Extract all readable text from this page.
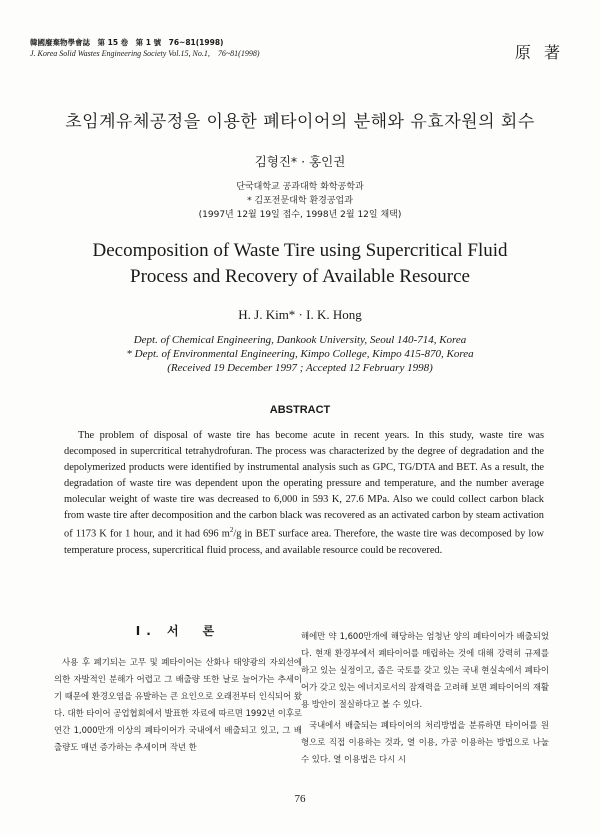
韓國廢棄物學會誌　第 15 卷　第 1 號　76~81(1998)
J. Korea Solid Wastes Engineering Society Vol.15, No.1,　76~81(1998)	原 著
초임계유체공정을 이용한 폐타이어의 분해와 유효자원의 회수
김형진* · 홍인권
단국대학교 공과대학 화학공학과
* 김포전문대학 환경공업과
(1997년 12월 19일 접수, 1998년 2월 12일 채택)
Decomposition of Waste Tire using Supercritical Fluid
Process and Recovery of Available Resource
H. J. Kim* · I. K. Hong
Dept. of Chemical Engineering, Dankook University, Seoul 140-714, Korea
* Dept. of Environmental Engineering, Kimpo College, Kimpo 415-870, Korea
(Received 19 December 1997 ; Accepted 12 February 1998)
ABSTRACT
The problem of disposal of waste tire has become acute in recent years. In this study, waste tire was decomposed in supercritical tetrahydrofuran. The process was characterized by the degree of degradation and the depolymerized products were identified by instrumental analysis such as GPC, TG/DTA and BET. As a result, the degradation of waste tire was dependent upon the operating pressure and temperature, and the number average molecular weight of waste tire was decreased to 6,000 in 593 K, 27.6 MPa. Also we could collect carbon black from waste tire after decomposition and the carbon black was recovered as an activated carbon by steam activation of 1173 K for 1 hour, and it had 696 $m^2/g$ in BET surface area. Therefore, the waste tire was decomposed by low temperature process, supercritical fluid process, and available resource could be recovered.
Ⅰ. 서　론

사용 후 폐기되는 고무 및 폐타이어는 산화나 태양광의 자외선에 의한 자발적인 분해가 어렵고 그 배출량 또한 날로 늘어가는 추세이기 때문에 환경오염을 유발하는 큰 요인으로 오래전부터 인식되어 왔다. 대한 타이어 공업협회에서 발표한 자료에 따르면 1992년 이후로 연간 1,000만개 이상의 폐타이어가 국내에서 배출되고 있고, 그 배출량도 매년 증가하는 추세이며 작년 한

해에만 약 1,600만개에 해당하는 엄청난 양의 폐타이어가 배출되었다. 현재 환경부에서 폐타이어를 매립하는 것에 대해 강력히 규제를 하고 있는 실정이고, 좁은 국토를 갖고 있는 국내 현실속에서 폐타이어가 갖고 있는 에너지로서의 잠재력을 고려해 보면 폐타이어의 재활용 방안이 절실하다고 볼 수 있다.

국내에서 배출되는 폐타이어의 처리방법을 분류하면 타이어를 원형으로 직접 이용하는 것과, 열 이용, 가공 이용하는 방법으로 나눌 수 있다. 열 이용법은 다시 시

76
